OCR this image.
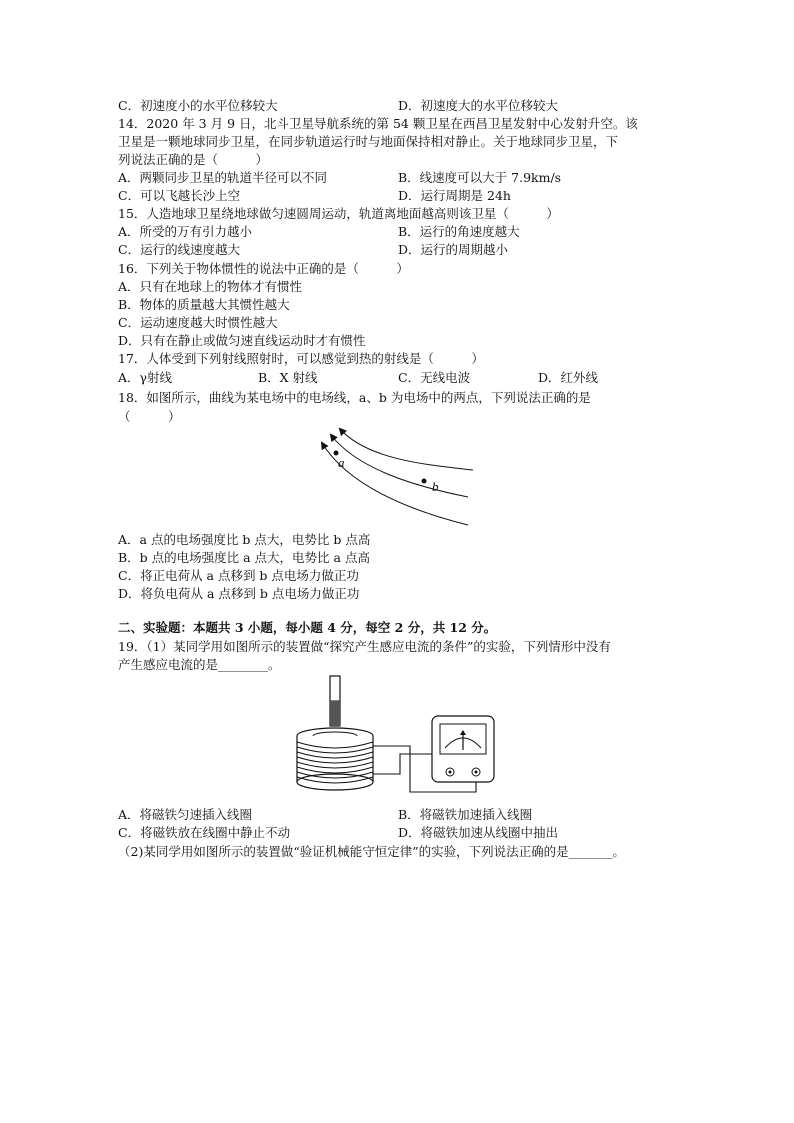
C．初速度小的水平位移较大	D．初速度大的水平位移较大
14．2020 年 3 月 9 日，北斗卫星导航系统的第 54 颗卫星在西昌卫星发射中心发射升空。该
卫星是一颗地球同步卫星，在同步轨道运行时与地面保持相对静止。关于地球同步卫星，下
列说法正确的是（　　　）
A．两颗同步卫星的轨道半径可以不同	B．线速度可以大于 7.9km/s
C．可以飞越长沙上空	D．运行周期是 24h
15．人造地球卫星绕地球做匀速圆周运动，轨道离地面越高则该卫星（　　　）
A．所受的万有引力越小	B．运行的角速度越大
C．运行的线速度越大	D．运行的周期越小
16．下列关于物体惯性的说法中正确的是（　　　）
A．只有在地球上的物体才有惯性
B．物体的质量越大其惯性越大
C．运动速度越大时惯性越大
D．只有在静止或做匀速直线运动时才有惯性
17．人体受到下列射线照射时，可以感觉到热的射线是（　　　）
A．γ射线	B．X 射线	C．无线电波	D．红外线
18．如图所示，曲线为某电场中的电场线，a、b 为电场中的两点，下列说法正确的是
（　　　）
a
b
A．a 点的电场强度比 b 点大，电势比 b 点高
B．b 点的电场强度比 a 点大，电势比 a 点高
C．将正电荷从 a 点移到 b 点电场力做正功
D．将负电荷从 a 点移到 b 点电场力做正功
二、实验题：本题共 3 小题，每小题 4 分，每空 2 分，共 12 分。
19．（1）某同学用如图所示的装置做“探究产生感应电流的条件”的实验，下列情形中没有
产生感应电流的是________。
A．将磁铁匀速插入线圈	B．将磁铁加速插入线圈
C．将磁铁放在线圈中静止不动	D．将磁铁加速从线圈中抽出
（2)某同学用如图所示的装置做“验证机械能守恒定律”的实验，下列说法正确的是_______。
